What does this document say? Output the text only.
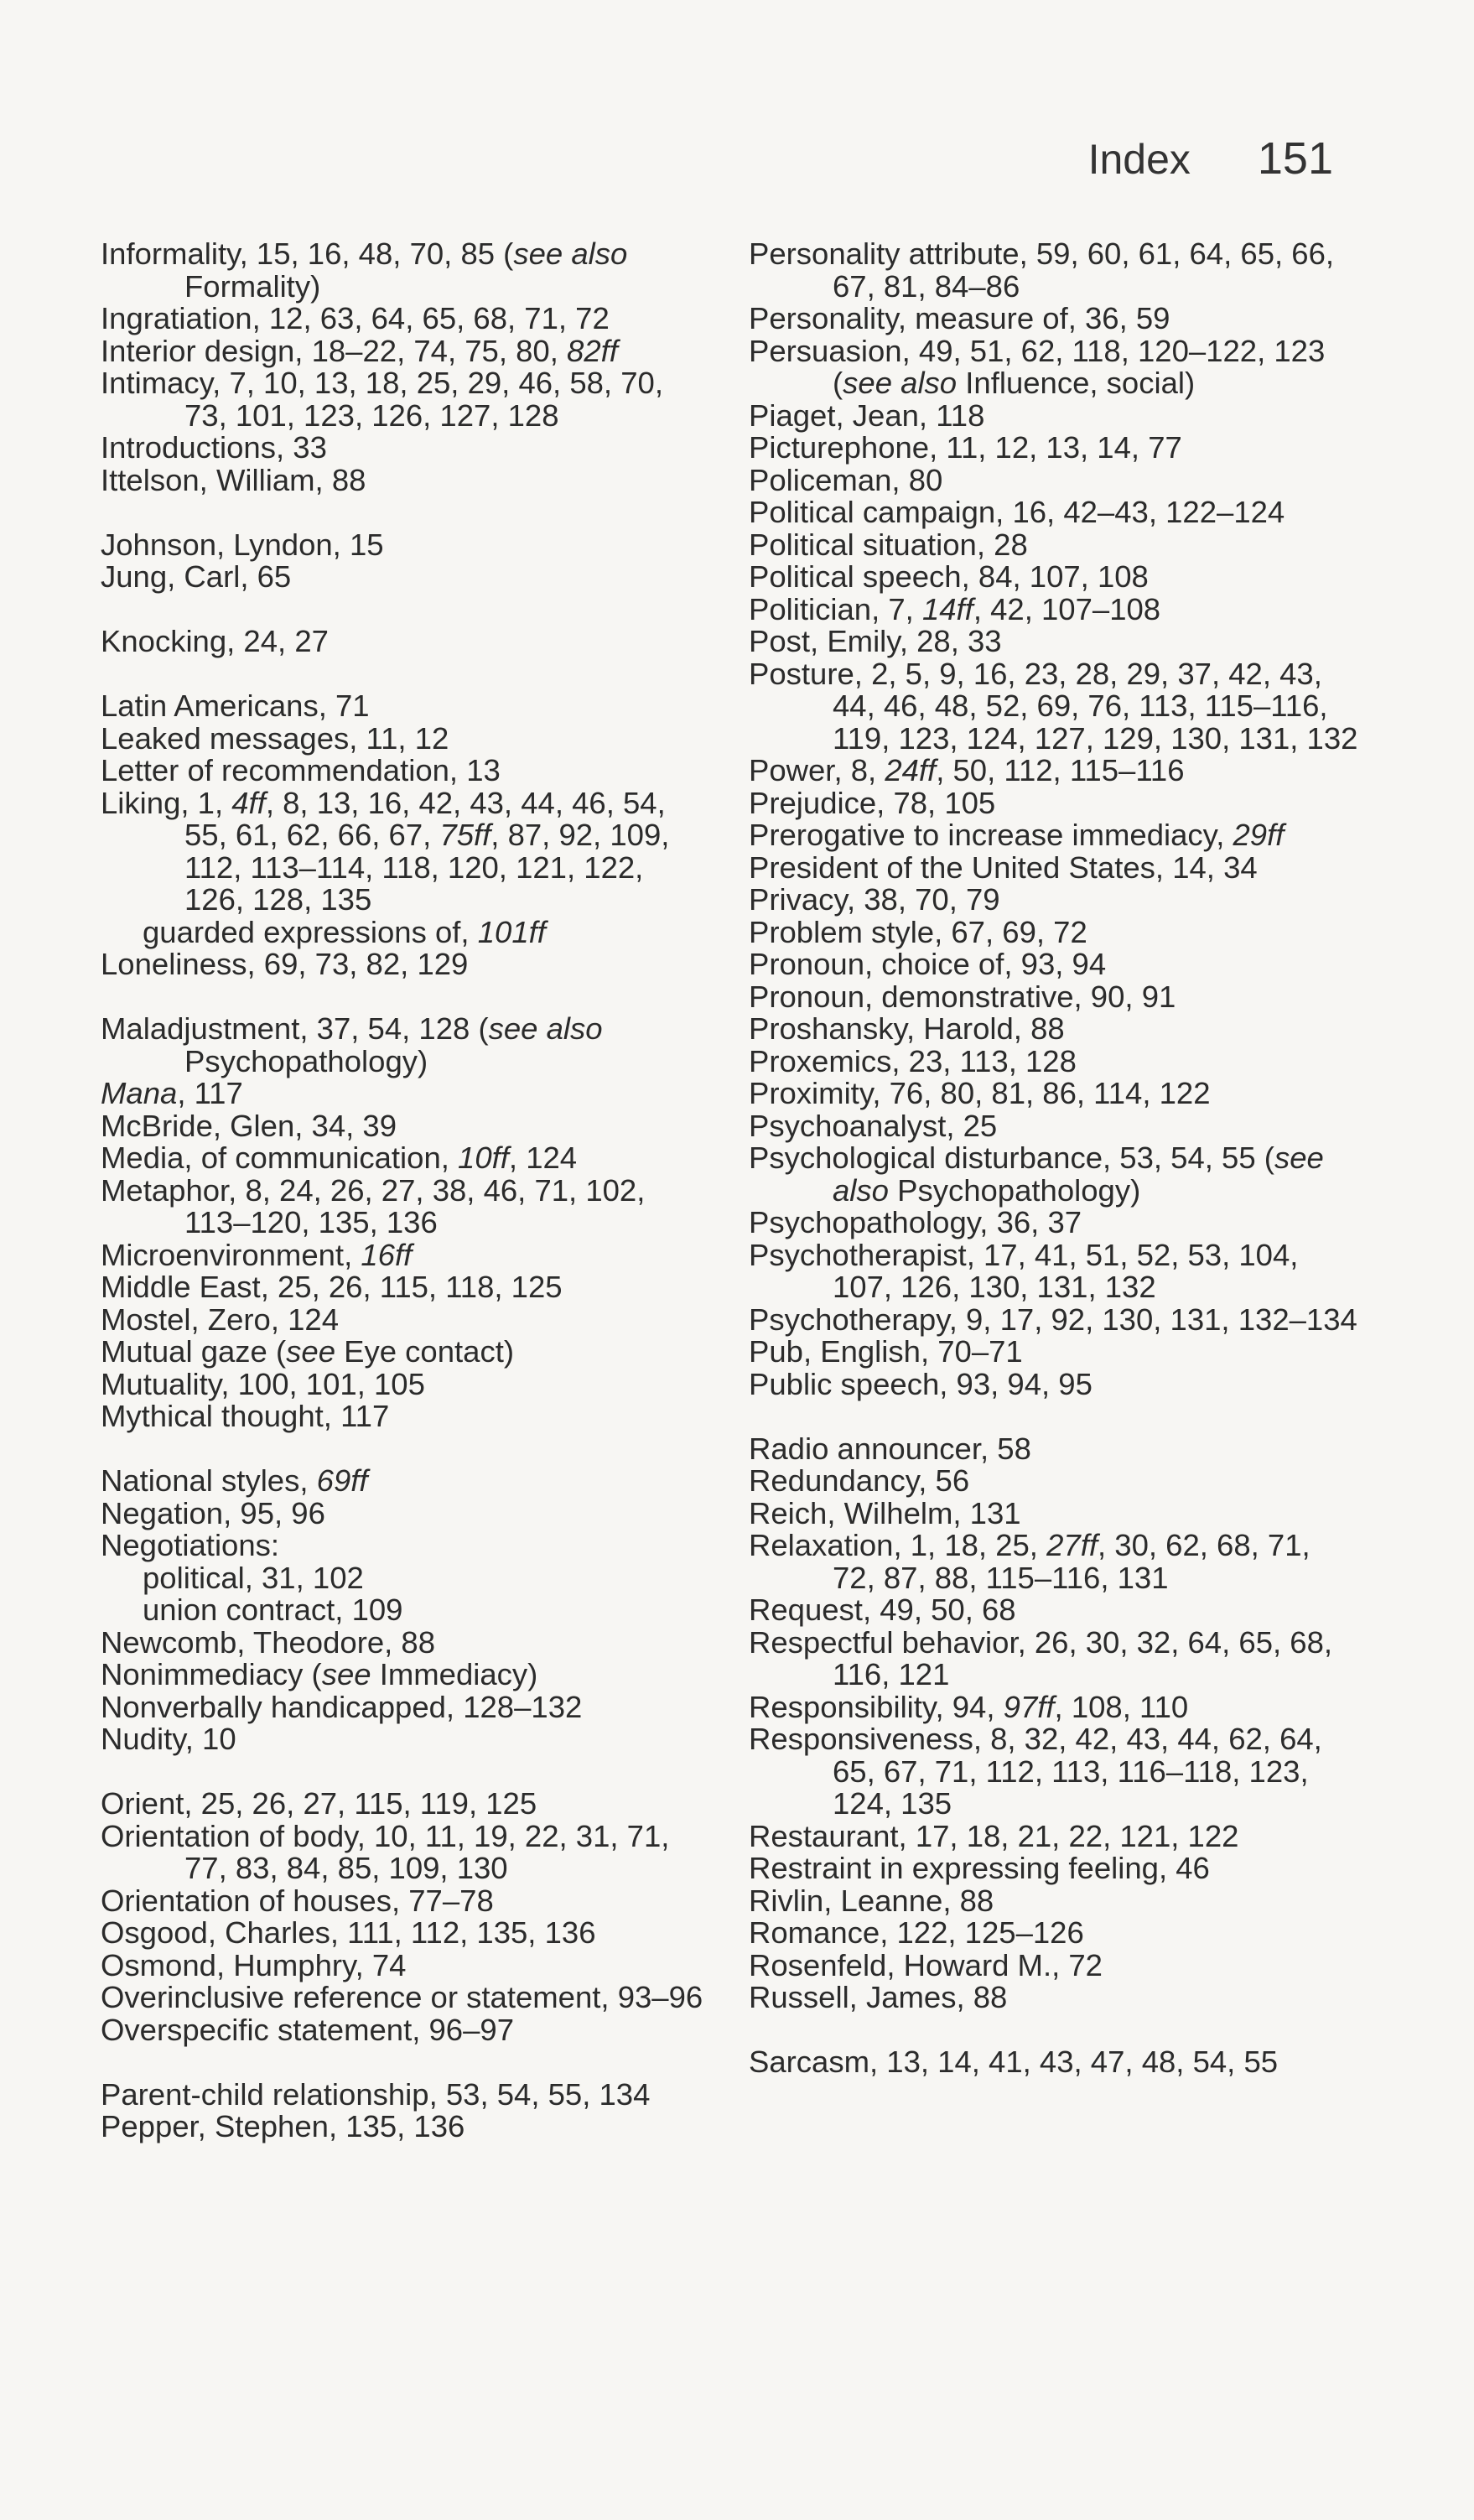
Index 151
Informality, 15, 16, 48, 70, 85 (see also Formality)
Ingratiation, 12, 63, 64, 65, 68, 71, 72
Interior design, 18–22, 74, 75, 80, 82ff
Intimacy, 7, 10, 13, 18, 25, 29, 46, 58, 70, 73, 101, 123, 126, 127, 128
Introductions, 33
Ittelson, William, 88
Johnson, Lyndon, 15
Jung, Carl, 65
Knocking, 24, 27
Latin Americans, 71
Leaked messages, 11, 12
Letter of recommendation, 13
Liking, 1, 4ff, 8, 13, 16, 42, 43, 44, 46, 54, 55, 61, 62, 66, 67, 75ff, 87, 92, 109, 112, 113–114, 118, 120, 121, 122, 126, 128, 135
guarded expressions of, 101ff
Loneliness, 69, 73, 82, 129
Maladjustment, 37, 54, 128 (see also Psychopathology)
Mana, 117
McBride, Glen, 34, 39
Media, of communication, 10ff, 124
Metaphor, 8, 24, 26, 27, 38, 46, 71, 102, 113–120, 135, 136
Microenvironment, 16ff
Middle East, 25, 26, 115, 118, 125
Mostel, Zero, 124
Mutual gaze (see Eye contact)
Mutuality, 100, 101, 105
Mythical thought, 117
National styles, 69ff
Negation, 95, 96
Negotiations:
political, 31, 102
union contract, 109
Newcomb, Theodore, 88
Nonimmediacy (see Immediacy)
Nonverbally handicapped, 128–132
Nudity, 10
Orient, 25, 26, 27, 115, 119, 125
Orientation of body, 10, 11, 19, 22, 31, 71, 77, 83, 84, 85, 109, 130
Orientation of houses, 77–78
Osgood, Charles, 111, 112, 135, 136
Osmond, Humphry, 74
Overinclusive reference or statement, 93–96
Overspecific statement, 96–97
Parent-child relationship, 53, 54, 55, 134
Pepper, Stephen, 135, 136
Personality attribute, 59, 60, 61, 64, 65, 66, 67, 81, 84–86
Personality, measure of, 36, 59
Persuasion, 49, 51, 62, 118, 120–122, 123 (see also Influence, social)
Piaget, Jean, 118
Picturephone, 11, 12, 13, 14, 77
Policeman, 80
Political campaign, 16, 42–43, 122–124
Political situation, 28
Political speech, 84, 107, 108
Politician, 7, 14ff, 42, 107–108
Post, Emily, 28, 33
Posture, 2, 5, 9, 16, 23, 28, 29, 37, 42, 43, 44, 46, 48, 52, 69, 76, 113, 115–116, 119, 123, 124, 127, 129, 130, 131, 132
Power, 8, 24ff, 50, 112, 115–116
Prejudice, 78, 105
Prerogative to increase immediacy, 29ff
President of the United States, 14, 34
Privacy, 38, 70, 79
Problem style, 67, 69, 72
Pronoun, choice of, 93, 94
Pronoun, demonstrative, 90, 91
Proshansky, Harold, 88
Proxemics, 23, 113, 128
Proximity, 76, 80, 81, 86, 114, 122
Psychoanalyst, 25
Psychological disturbance, 53, 54, 55 (see also Psychopathology)
Psychopathology, 36, 37
Psychotherapist, 17, 41, 51, 52, 53, 104, 107, 126, 130, 131, 132
Psychotherapy, 9, 17, 92, 130, 131, 132–134
Pub, English, 70–71
Public speech, 93, 94, 95
Radio announcer, 58
Redundancy, 56
Reich, Wilhelm, 131
Relaxation, 1, 18, 25, 27ff, 30, 62, 68, 71, 72, 87, 88, 115–116, 131
Request, 49, 50, 68
Respectful behavior, 26, 30, 32, 64, 65, 68, 116, 121
Responsibility, 94, 97ff, 108, 110
Responsiveness, 8, 32, 42, 43, 44, 62, 64, 65, 67, 71, 112, 113, 116–118, 123, 124, 135
Restaurant, 17, 18, 21, 22, 121, 122
Restraint in expressing feeling, 46
Rivlin, Leanne, 88
Romance, 122, 125–126
Rosenfeld, Howard M., 72
Russell, James, 88
Sarcasm, 13, 14, 41, 43, 47, 48, 54, 55
